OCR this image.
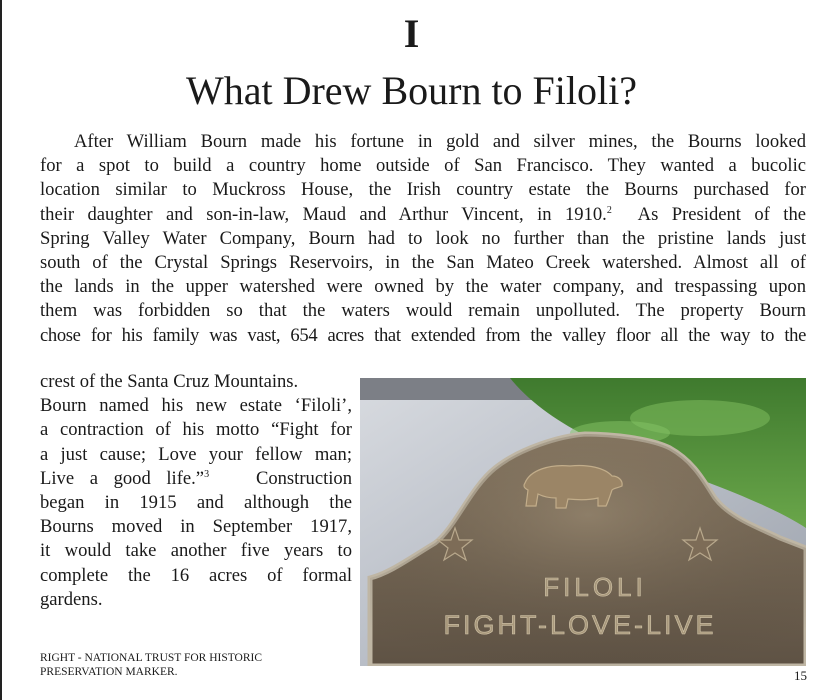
I
What Drew Bourn to Filoli?

After William Bourn made his fortune in gold and silver mines, the Bourns looked
for a spot to build a country home outside of San Francisco. They wanted a bucolic
location similar to Muckross House, the Irish country estate the Bourns purchased for
their daughter and son-in-law, Maud and Arthur Vincent, in 1910.$^2$ As President of the
Spring Valley Water Company, Bourn had to look no further than the pristine lands just
south of the Crystal Springs Reservoirs, in the San Mateo Creek watershed. Almost all of
the lands in the upper watershed were owned by the water company, and trespassing upon
them was forbidden so that the waters would remain unpolluted. The property Bourn
chose for his family was vast, 654 acres that extended from the valley floor all the way to the

crest of the Santa Cruz Mountains.
Bourn named his new estate ‘Filoli’,
a contraction of his motto “Fight for
a just cause; Love your fellow man;
Live a good life.”$^3$	Construction
began in 1915 and although the
Bourns moved in September 1917,
it would take another five years to
complete the 16 acres of formal
gardens.	FILOLI
FIGHT-LOVE-LIVE
RIGHT - NATIONAL TRUST FOR HISTORIC
PRESERVATION MARKER.	15
